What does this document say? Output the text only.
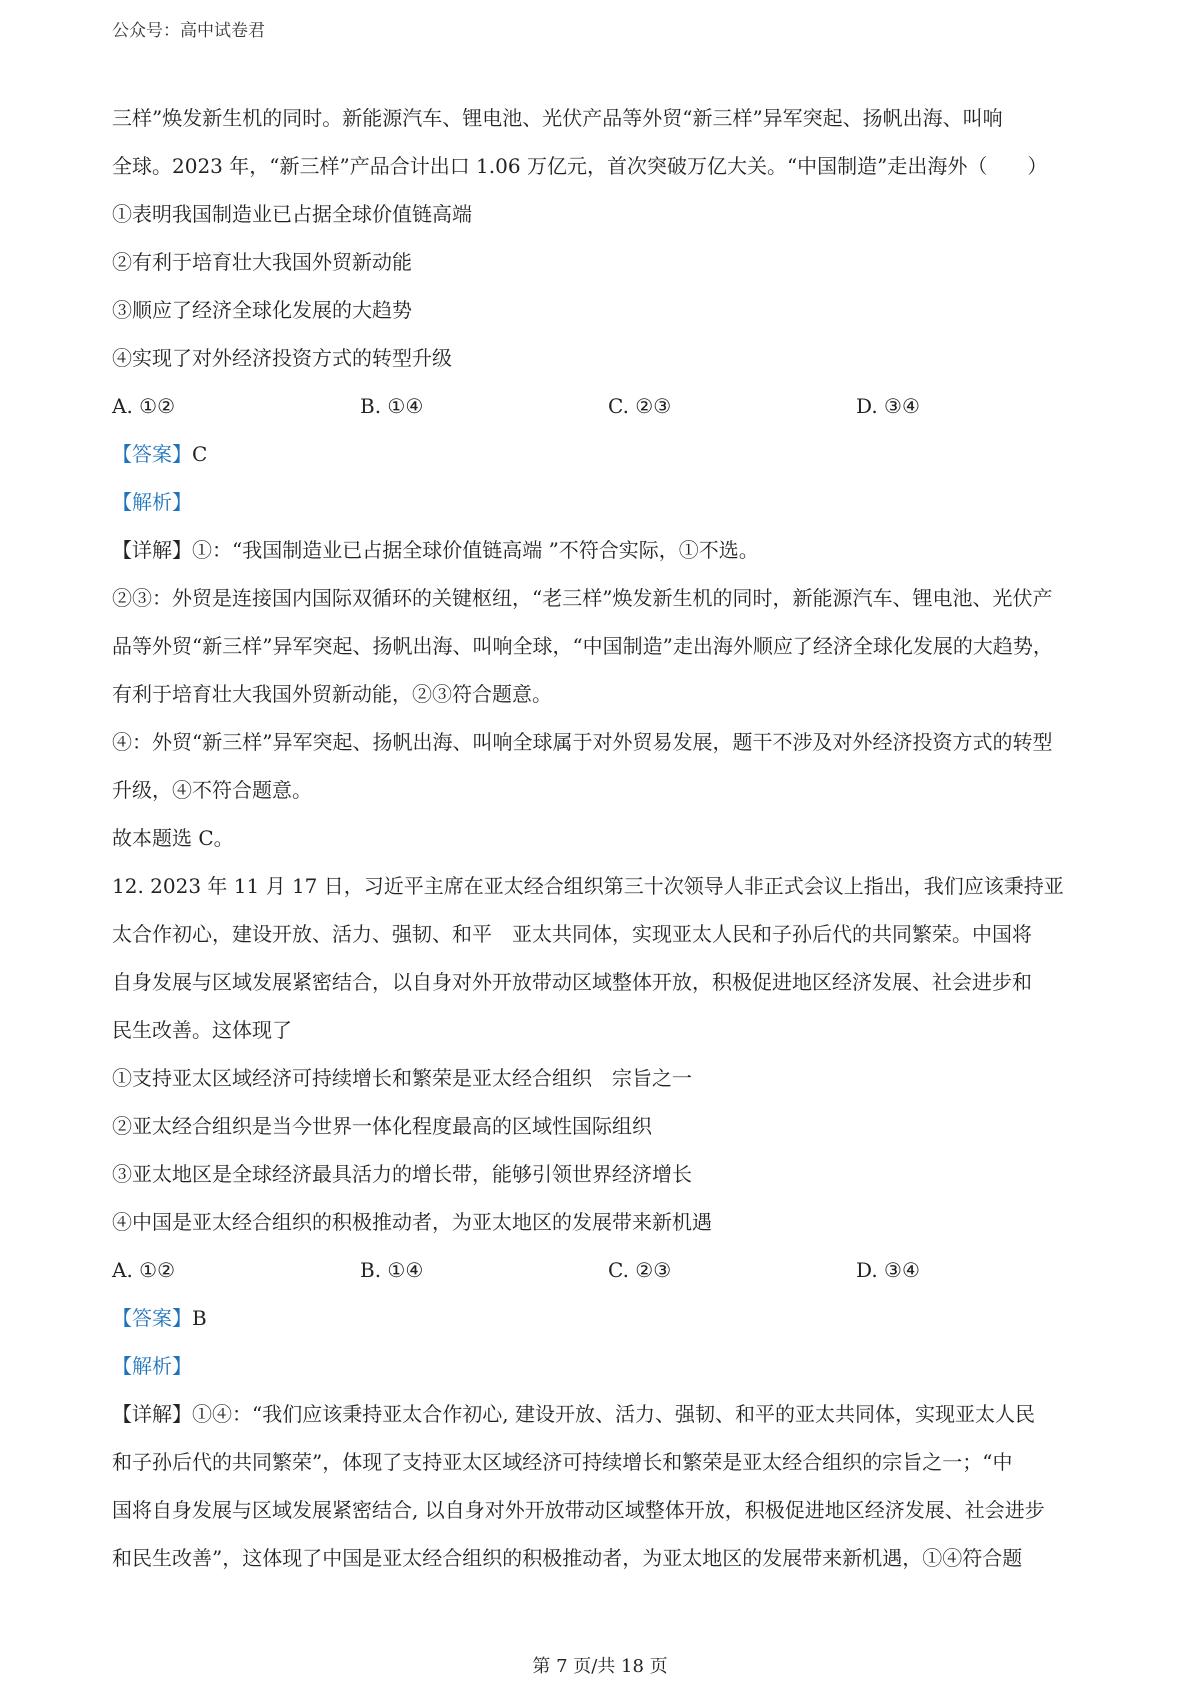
公众号：高中试卷君
三样”焕发新生机的同时。新能源汽车、锂电池、光伏产品等外贸“新三样”异军突起、扬帆出海、叫响
全球。2023 年，“新三样”产品合计出口 1.06 万亿元，首次突破万亿大关。“中国制造”走出海外（　　）
①表明我国制造业已占据全球价值链高端
②有利于培育壮大我国外贸新动能
③顺应了经济全球化发展的大趋势
④实现了对外经济投资方式的转型升级
A. ①②	B. ①④	C. ②③	D. ③④
【答案】C
【解析】
【详解】①：“我国制造业已占据全球价值链高端 ”不符合实际，①不选。
②③：外贸是连接国内国际双循环的关键枢纽，“老三样”焕发新生机的同时，新能源汽车、锂电池、光伏产
品等外贸“新三样”异军突起、扬帆出海、叫响全球，“中国制造”走出海外顺应了经济全球化发展的大趋势，
有利于培育壮大我国外贸新动能，②③符合题意。
④：外贸“新三样”异军突起、扬帆出海、叫响全球属于对外贸易发展，题干不涉及对外经济投资方式的转型
升级，④不符合题意。
故本题选 C。
12. 2023 年 11 月 17 日，习近平主席在亚太经合组织第三十次领导人非正式会议上指出，我们应该秉持亚
太合作初心，建设开放、活力、强韧、和平　亚太共同体，实现亚太人民和子孙后代的共同繁荣。中国将
自身发展与区域发展紧密结合，以自身对外开放带动区域整体开放，积极促进地区经济发展、社会进步和
民生改善。这体现了
①支持亚太区域经济可持续增长和繁荣是亚太经合组织　宗旨之一
②亚太经合组织是当今世界一体化程度最高的区域性国际组织
③亚太地区是全球经济最具活力的增长带，能够引领世界经济增长
④中国是亚太经合组织的积极推动者，为亚太地区的发展带来新机遇
A. ①②	B. ①④	C. ②③	D. ③④
【答案】B
【解析】
【详解】①④：“我们应该秉持亚太合作初心, 建设开放、活力、强韧、和平的亚太共同体，实现亚太人民
和子孙后代的共同繁荣”，体现了支持亚太区域经济可持续增长和繁荣是亚太经合组织的宗旨之一；“中
国将自身发展与区域发展紧密结合, 以自身对外开放带动区域整体开放，积极促进地区经济发展、社会进步
和民生改善”，这体现了中国是亚太经合组织的积极推动者，为亚太地区的发展带来新机遇，①④符合题
第 7 页/共 18 页
